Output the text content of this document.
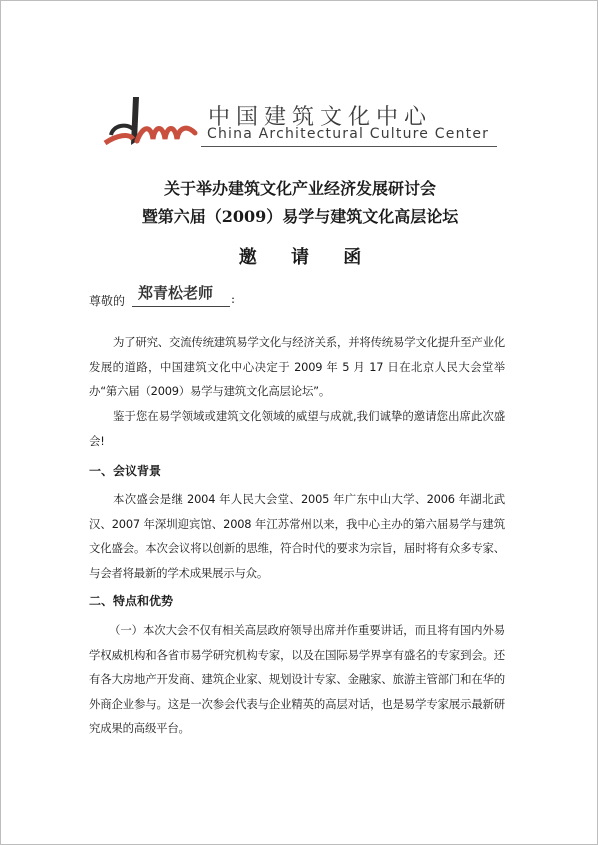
中国建筑文化中心
China Architectural Culture Center
关于举办建筑文化产业经济发展研讨会
暨第六届（2009）易学与建筑文化高层论坛
邀 请 函
尊敬的 郑青松老师	:
为了研究、交流传统建筑易学文化与经济关系，并将传统易学文化提升至产业化发展的道路，中国建筑文化中心决定于 2009 年 5 月 17 日在北京人民大会堂举办“第六届（2009）易学与建筑文化高层论坛”。
鉴于您在易学领域或建筑文化领域的威望与成就,我们诚挚的邀请您出席此次盛会!
一、会议背景
本次盛会是继 2004 年人民大会堂、2005 年广东中山大学、2006 年湖北武汉、2007 年深圳迎宾馆、2008 年江苏常州以来，我中心主办的第六届易学与建筑文化盛会。本次会议将以创新的思维，符合时代的要求为宗旨，届时将有众多专家、与会者将最新的学术成果展示与众。
二、特点和优势
（一）本次大会不仅有相关高层政府领导出席并作重要讲话，而且将有国内外易学权威机构和各省市易学研究机构专家，以及在国际易学界享有盛名的专家到会。还有各大房地产开发商、建筑企业家、规划设计专家、金融家、旅游主管部门和在华的外商企业参与。这是一次参会代表与企业精英的高层对话，也是易学专家展示最新研究成果的高级平台。
